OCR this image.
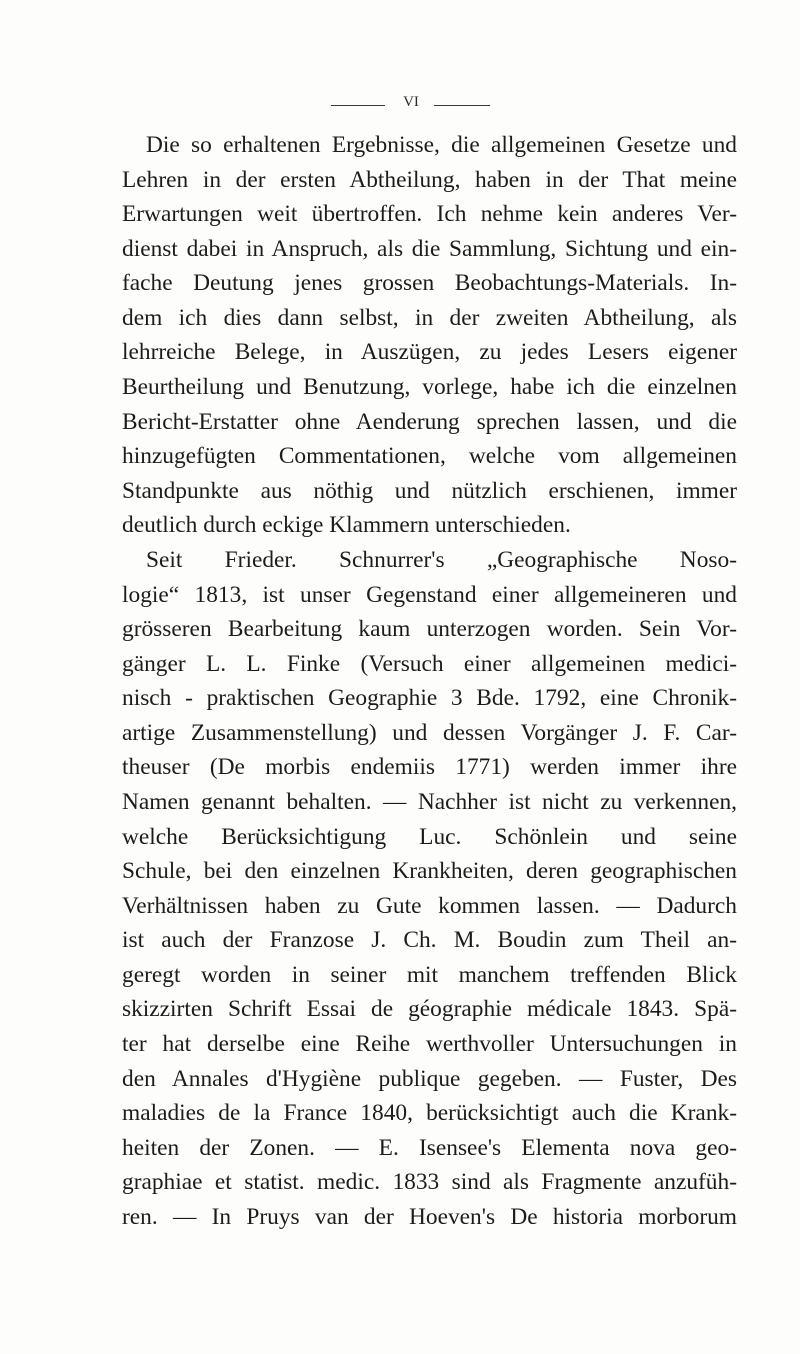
VI
Die so erhaltenen Ergebnisse, die allgemeinen Gesetze und
Lehren in der ersten Abtheilung, haben in der That meine
Erwartungen weit übertroffen. Ich nehme kein anderes Ver-
dienst dabei in Anspruch, als die Sammlung, Sichtung und ein-
fache Deutung jenes grossen Beobachtungs-Materials. In-
dem ich dies dann selbst, in der zweiten Abtheilung, als
lehrreiche Belege, in Auszügen, zu jedes Lesers eigener
Beurtheilung und Benutzung, vorlege, habe ich die einzelnen
Bericht-Erstatter ohne Aenderung sprechen lassen, und die
hinzugefügten Commentationen, welche vom allgemeinen
Standpunkte aus nöthig und nützlich erschienen, immer
deutlich durch eckige Klammern unterschieden.
Seit Frieder. Schnurrer's „Geographische Noso-
logie“ 1813, ist unser Gegenstand einer allgemeineren und
grösseren Bearbeitung kaum unterzogen worden. Sein Vor-
gänger L. L. Finke (Versuch einer allgemeinen medici-
nisch - praktischen Geographie 3 Bde. 1792, eine Chronik-
artige Zusammenstellung) und dessen Vorgänger J. F. Car-
theuser (De morbis endemiis 1771) werden immer ihre
Namen genannt behalten. — Nachher ist nicht zu verkennen,
welche Berücksichtigung Luc. Schönlein und seine
Schule, bei den einzelnen Krankheiten, deren geographischen
Verhältnissen haben zu Gute kommen lassen. — Dadurch
ist auch der Franzose J. Ch. M. Boudin zum Theil an-
geregt worden in seiner mit manchem treffenden Blick
skizzirten Schrift Essai de géographie médicale 1843. Spä-
ter hat derselbe eine Reihe werthvoller Untersuchungen in
den Annales d'Hygiène publique gegeben. — Fuster, Des
maladies de la France 1840, berücksichtigt auch die Krank-
heiten der Zonen. — E. Isensee's Elementa nova geo-
graphiae et statist. medic. 1833 sind als Fragmente anzufüh-
ren. — In Pruys van der Hoeven's De historia morborum
